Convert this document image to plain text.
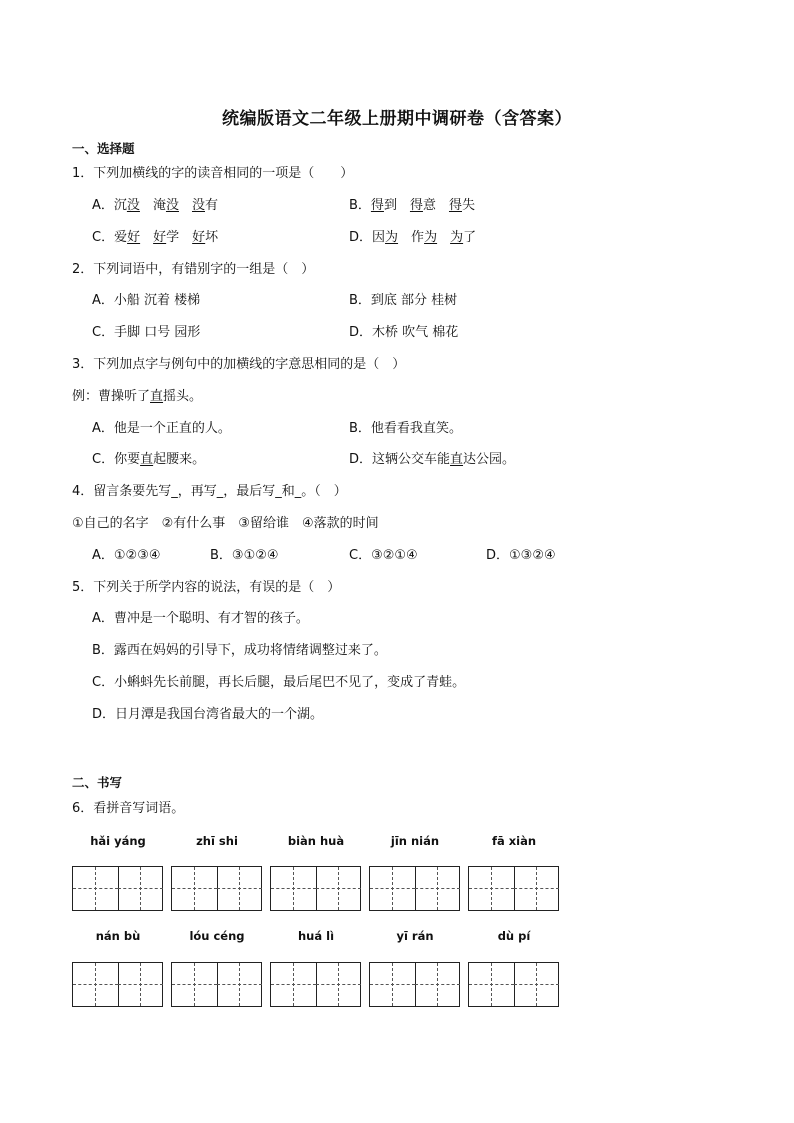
统编版语文二年级上册期中调研卷（含答案）
一、选择题
1．下列加横线的字的读音相同的一项是（　　）
A．沉没　淹没　 没有	B．得到　得意　得失
C．爱好　 好学　好坏	D．因为　作为　 为了
2．下列词语中，有错别字的一组是（　）
A．小船 沉着 楼梯	B．到底 部分 桂树
C．手脚 口号 园形	D．木桥 吹气 棉花
3．下列加点字与例句中的加横线的字意思相同的是（　）
例：曹操听了直摇头。
A．他是一个正直的人。	B．他看看我直笑。
C．你要直起腰来。	D．这辆公交车能直达公园。
4．留言条要先写_，再写_，最后写_和_。（　）
①自己的名字　②有什么事　③留给谁　④落款的时间
A．①②③④	B．③①②④	C．③②①④	D．①③②④
5．下列关于所学内容的说法，有误的是（　）
A．曹冲是一个聪明、有才智的孩子。
B．露西在妈妈的引导下，成功将情绪调整过来了。
C．小蝌蚪先长前腿，再长后腿，最后尾巴不见了，变成了青蛙。
D．日月潭是我国台湾省最大的一个湖。
二、书写
6．看拼音写词语。
hǎi yáng	zhī shi	biàn huà	jīn nián	fā xiàn
nán bù	lóu céng	huá lì	yī rán	dù pí
